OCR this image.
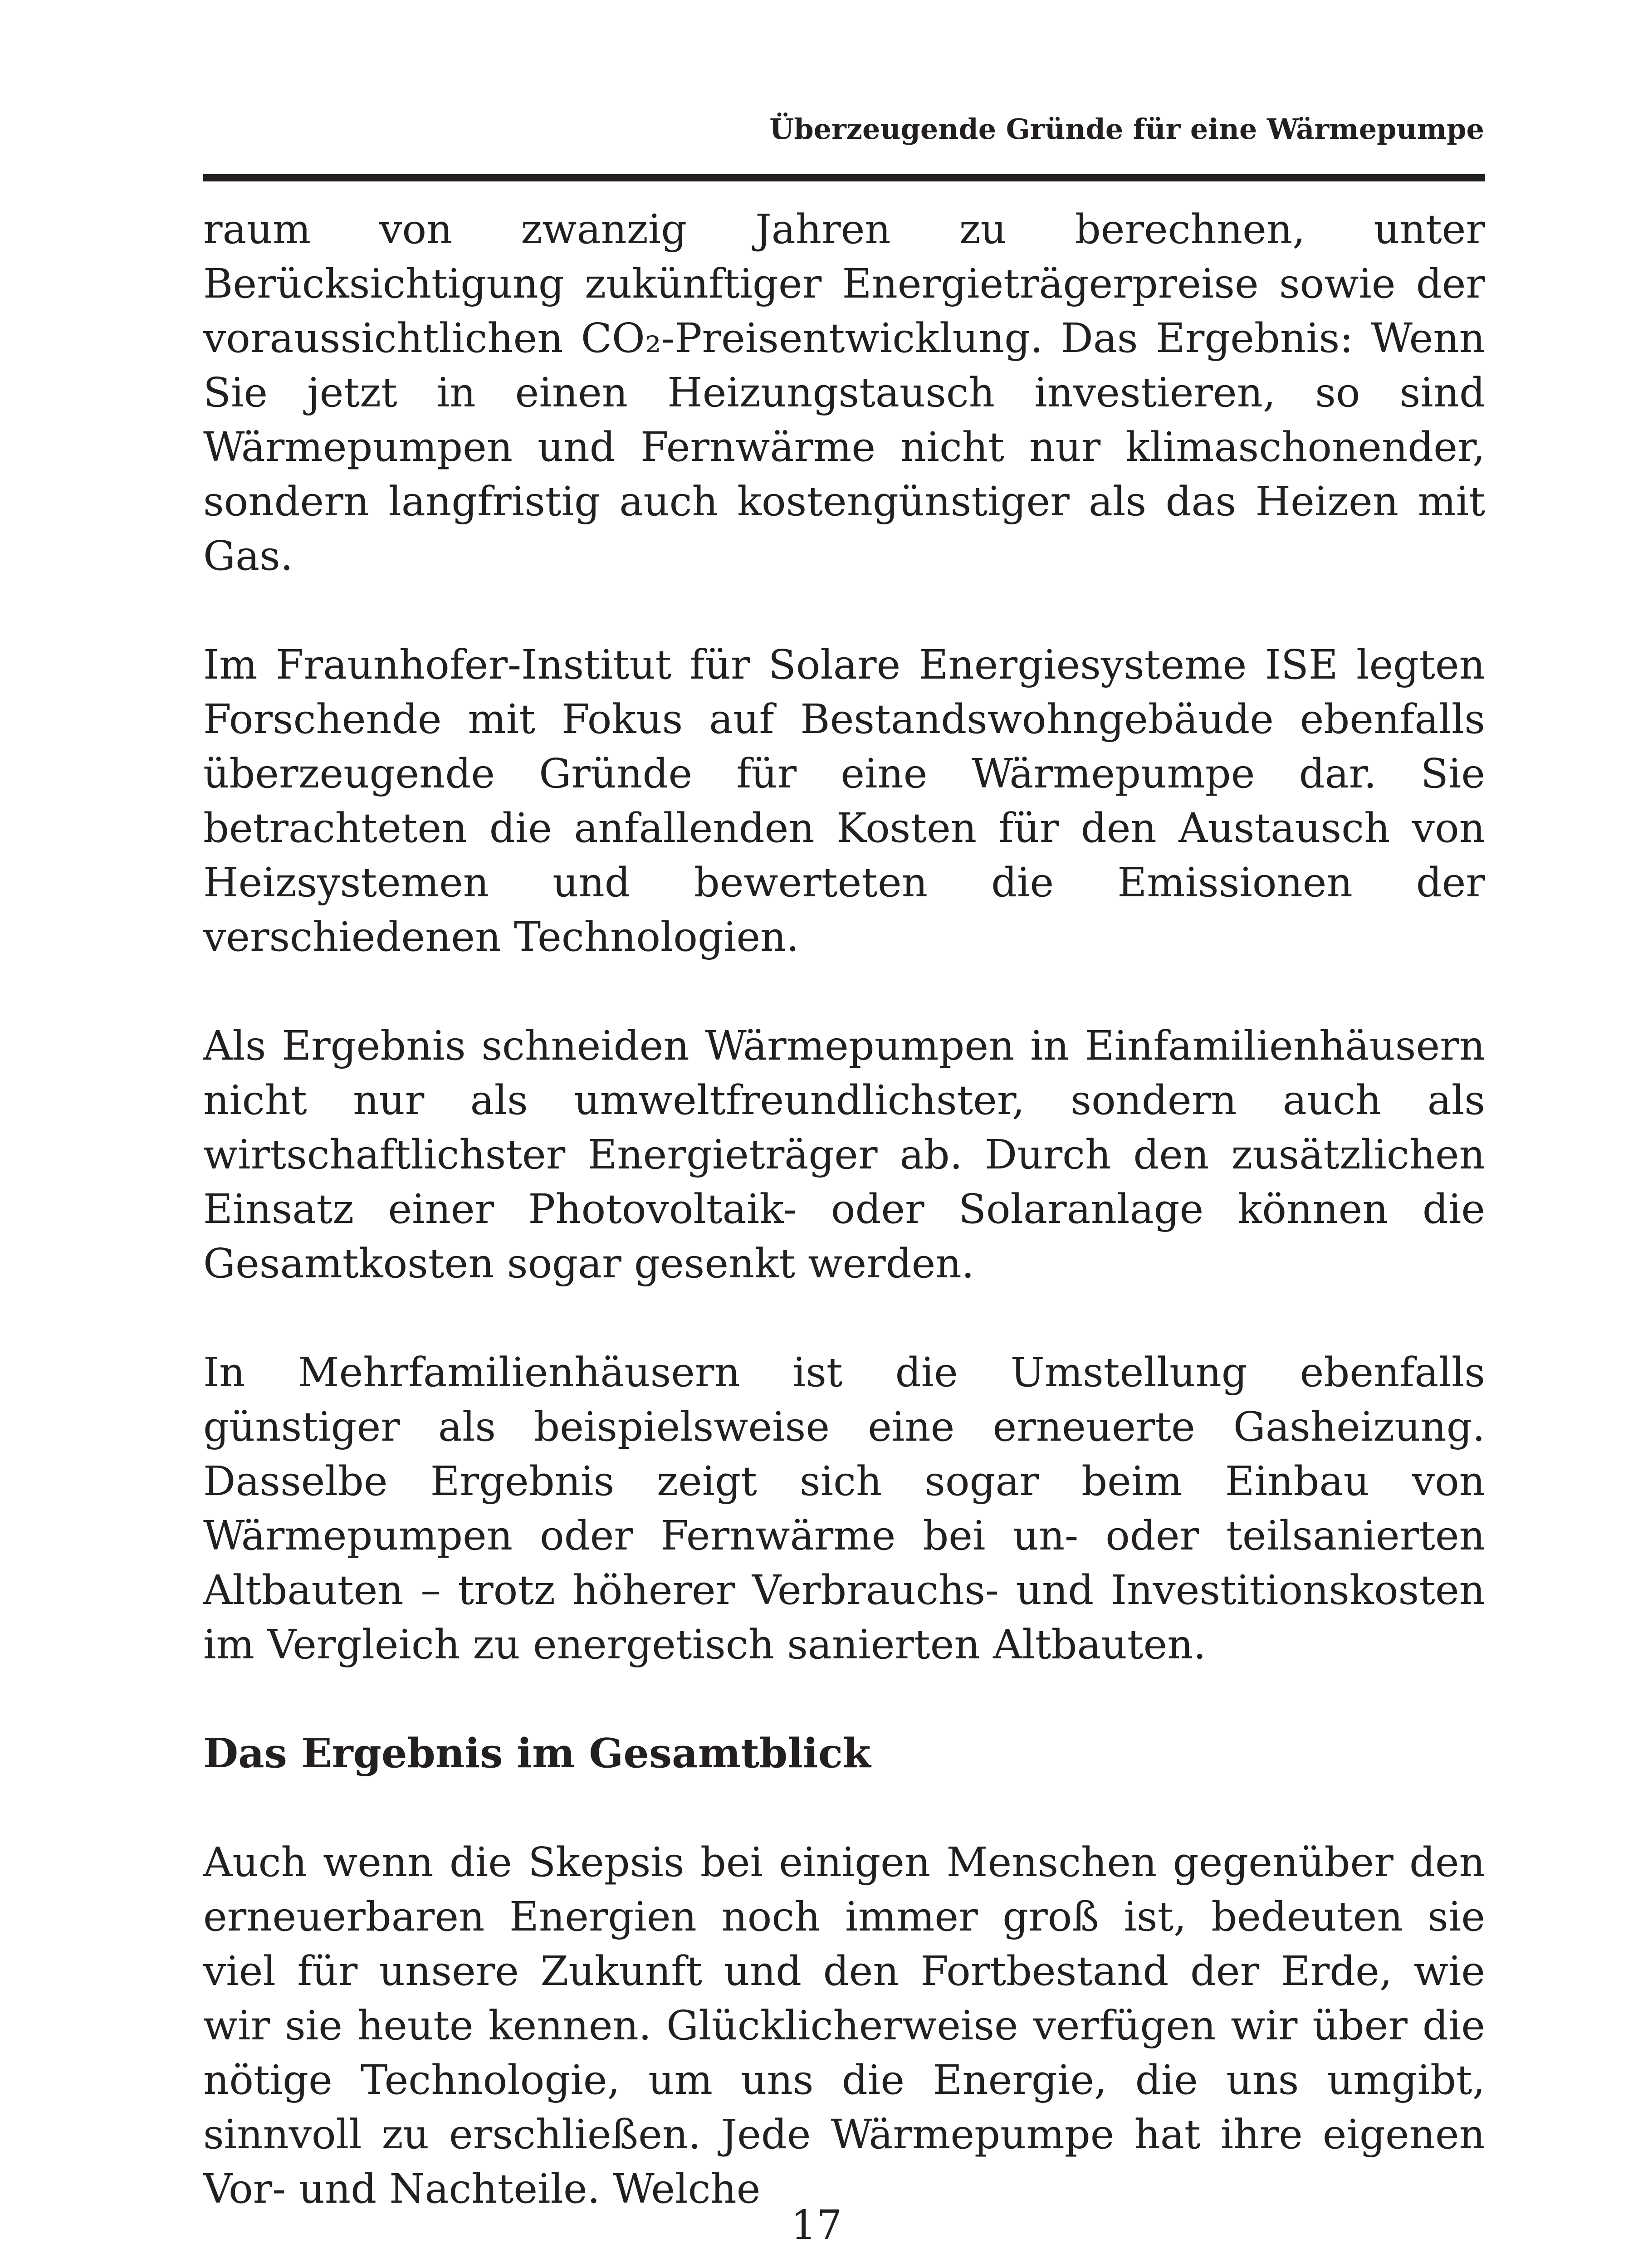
Überzeugende Gründe für eine Wärmepumpe

raum von zwanzig Jahren zu berechnen, unter Berücksichtigung zukünftiger Energieträgerpreise sowie der voraussichtlichen CO₂-Preisentwicklung. Das Ergebnis: Wenn Sie jetzt in einen Heizungstausch investieren, so sind Wärmepumpen und Fernwärme nicht nur klimaschonender, sondern langfristig auch kostengünstiger als das Heizen mit Gas.

Im Fraunhofer-Institut für Solare Energiesysteme ISE legten Forschende mit Fokus auf Bestandswohngebäude ebenfalls überzeugende Gründe für eine Wärmepumpe dar. Sie betrachteten die anfallenden Kosten für den Austausch von Heizsystemen und bewerteten die Emissionen der verschiedenen Technologien.

Als Ergebnis schneiden Wärmepumpen in Einfamilienhäusern nicht nur als umweltfreundlichster, sondern auch als wirtschaftlichster Energieträger ab. Durch den zusätzlichen Einsatz einer Photovoltaik- oder Solaranlage können die Gesamtkosten sogar gesenkt werden.

In Mehrfamilienhäusern ist die Umstellung ebenfalls günstiger als beispielsweise eine erneuerte Gasheizung. Dasselbe Ergebnis zeigt sich sogar beim Einbau von Wärmepumpen oder Fernwärme bei un- oder teilsanierten Altbauten – trotz höherer Verbrauchs- und Investitionskosten im Vergleich zu energetisch sanierten Altbauten.

Das Ergebnis im Gesamtblick

Auch wenn die Skepsis bei einigen Menschen gegenüber den erneuerbaren Energien noch immer groß ist, bedeuten sie viel für unsere Zukunft und den Fortbestand der Erde, wie wir sie heute kennen. Glücklicherweise verfügen wir über die nötige Technologie, um uns die Energie, die uns umgibt, sinnvoll zu erschließen. Jede Wärmepumpe hat ihre eigenen Vor- und Nachteile. Welche

17
